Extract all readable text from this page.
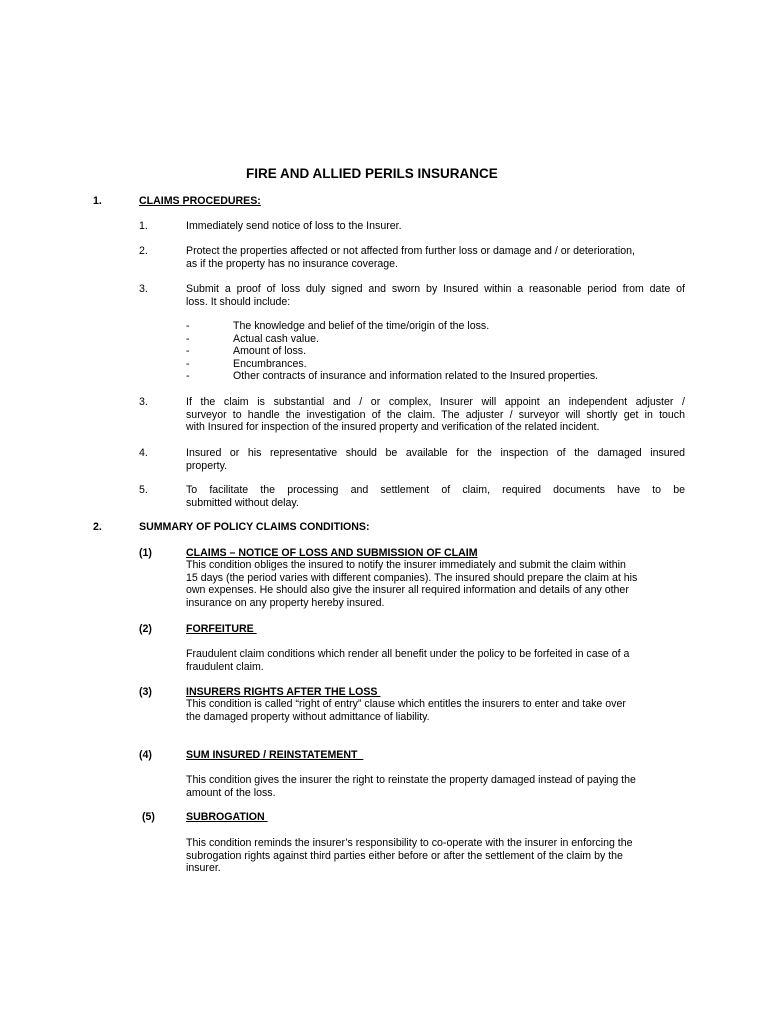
FIRE AND ALLIED PERILS INSURANCE
1.	CLAIMS PROCEDURES:
1.	Immediately send notice of loss to the Insurer.
2.	Protect the properties affected or not affected from further loss or damage and / or deterioration,
as if the property has no insurance coverage.
3.	Submit a proof of loss duly signed and sworn by Insured within a reasonable period from date of
loss. It should include:
-	The knowledge and belief of the time/origin of the loss.
-	Actual cash value.
-	Amount of loss.
-	Encumbrances.
-	Other contracts of insurance and information related to the Insured properties.
3.	If the claim is substantial and / or complex, Insurer will appoint an independent adjuster /
surveyor to handle the investigation of the claim. The adjuster / surveyor will shortly get in touch
with Insured for inspection of the insured property and verification of the related incident.
4.	Insured or his representative should be available for the inspection of the damaged insured
property.
5.	To facilitate the processing and settlement of claim, required documents have to be
submitted without delay.
2.	SUMMARY OF POLICY CLAIMS CONDITIONS:
(1)	CLAIMS – NOTICE OF LOSS AND SUBMISSION OF CLAIM
This condition obliges the insured to notify the insurer immediately and submit the claim within
15 days (the period varies with different companies). The insured should prepare the claim at his
own expenses. He should also give the insurer all required information and details of any other
insurance on any property hereby insured.
(2)	FORFEITURE
Fraudulent claim conditions which render all benefit under the policy to be forfeited in case of a
fraudulent claim.
(3)	INSURERS RIGHTS AFTER THE LOSS
This condition is called “right of entry” clause which entitles the insurers to enter and take over
the damaged property without admittance of liability.
(4)	SUM INSURED / REINSTATEMENT
This condition gives the insurer the right to reinstate the property damaged instead of paying the
amount of the loss.
(5)	SUBROGATION
This condition reminds the insurer’s responsibility to co-operate with the insurer in enforcing the
subrogation rights against third parties either before or after the settlement of the claim by the
insurer.
